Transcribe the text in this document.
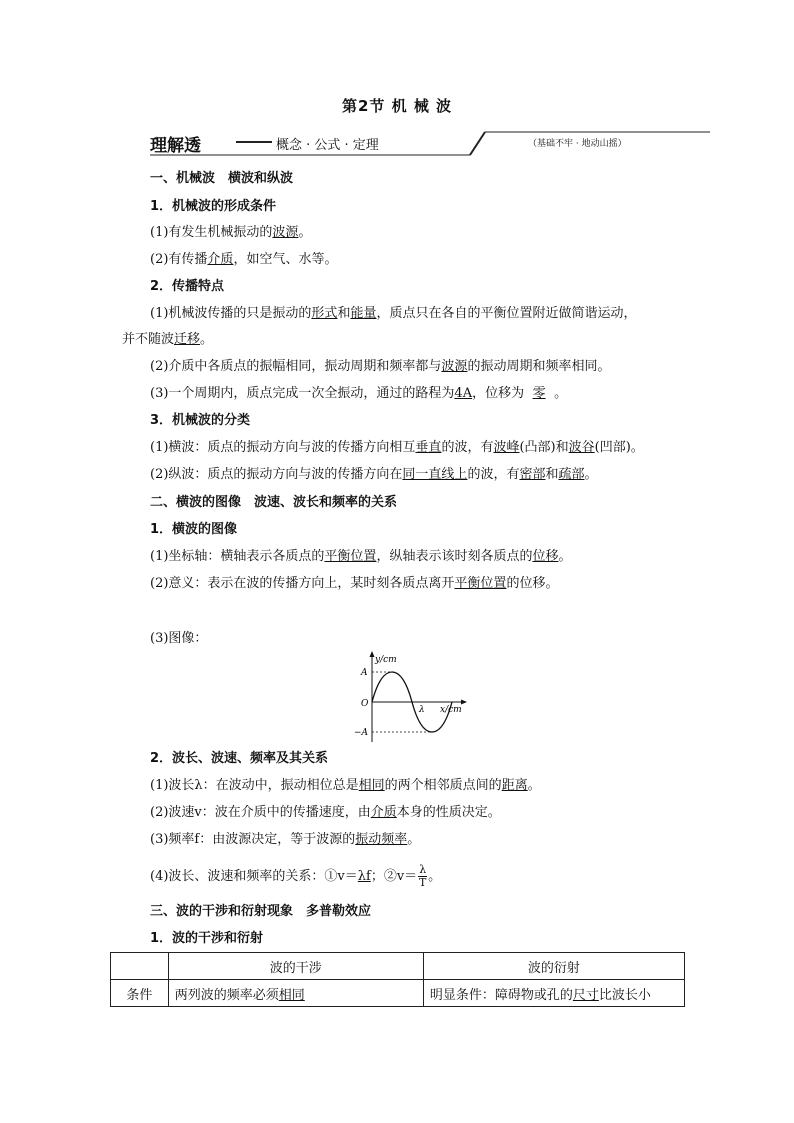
第2节 机 械 波
理解透	概念 · 公式 · 定理	（基础不牢 · 地动山摇）
一、机械波　横波和纵波
1．机械波的形成条件
(1)有发生机械振动的波源。
(2)有传播介质，如空气、水等。
2．传播特点
(1)机械波传播的只是振动的形式和能量，质点只在各自的平衡位置附近做简谐运动，
并不随波迁移。
(2)介质中各质点的振幅相同，振动周期和频率都与波源的振动周期和频率相同。
(3)一个周期内，质点完成一次全振动，通过的路程为4A，位移为 零 。
3．机械波的分类
(1)横波：质点的振动方向与波的传播方向相互垂直的波，有波峰(凸部)和波谷(凹部)。
(2)纵波：质点的振动方向与波的传播方向在同一直线上的波，有密部和疏部。
二、横波的图像　波速、波长和频率的关系
1．横波的图像
(1)坐标轴：横轴表示各质点的平衡位置，纵轴表示该时刻各质点的位移。
(2)意义：表示在波的传播方向上，某时刻各质点离开平衡位置的位移。
(3)图像：
y/cm
A
O
−A
λ x/cm
2．波长、波速、频率及其关系
(1)波长λ：在波动中，振动相位总是相同的两个相邻质点间的距离。
(2)波速v：波在介质中的传播速度，由介质本身的性质决定。
(3)频率f：由波源决定，等于波源的振动频率。
(4)波长、波速和频率的关系：①v＝λf；②v＝ $\frac{\lambda}{T}$ 。
三、波的干涉和衍射现象　多普勒效应
1．波的干涉和衍射
	波的干涉	波的衍射
条件	两列波的频率必须相同	明显条件：障碍物或孔的尺寸比波长小
